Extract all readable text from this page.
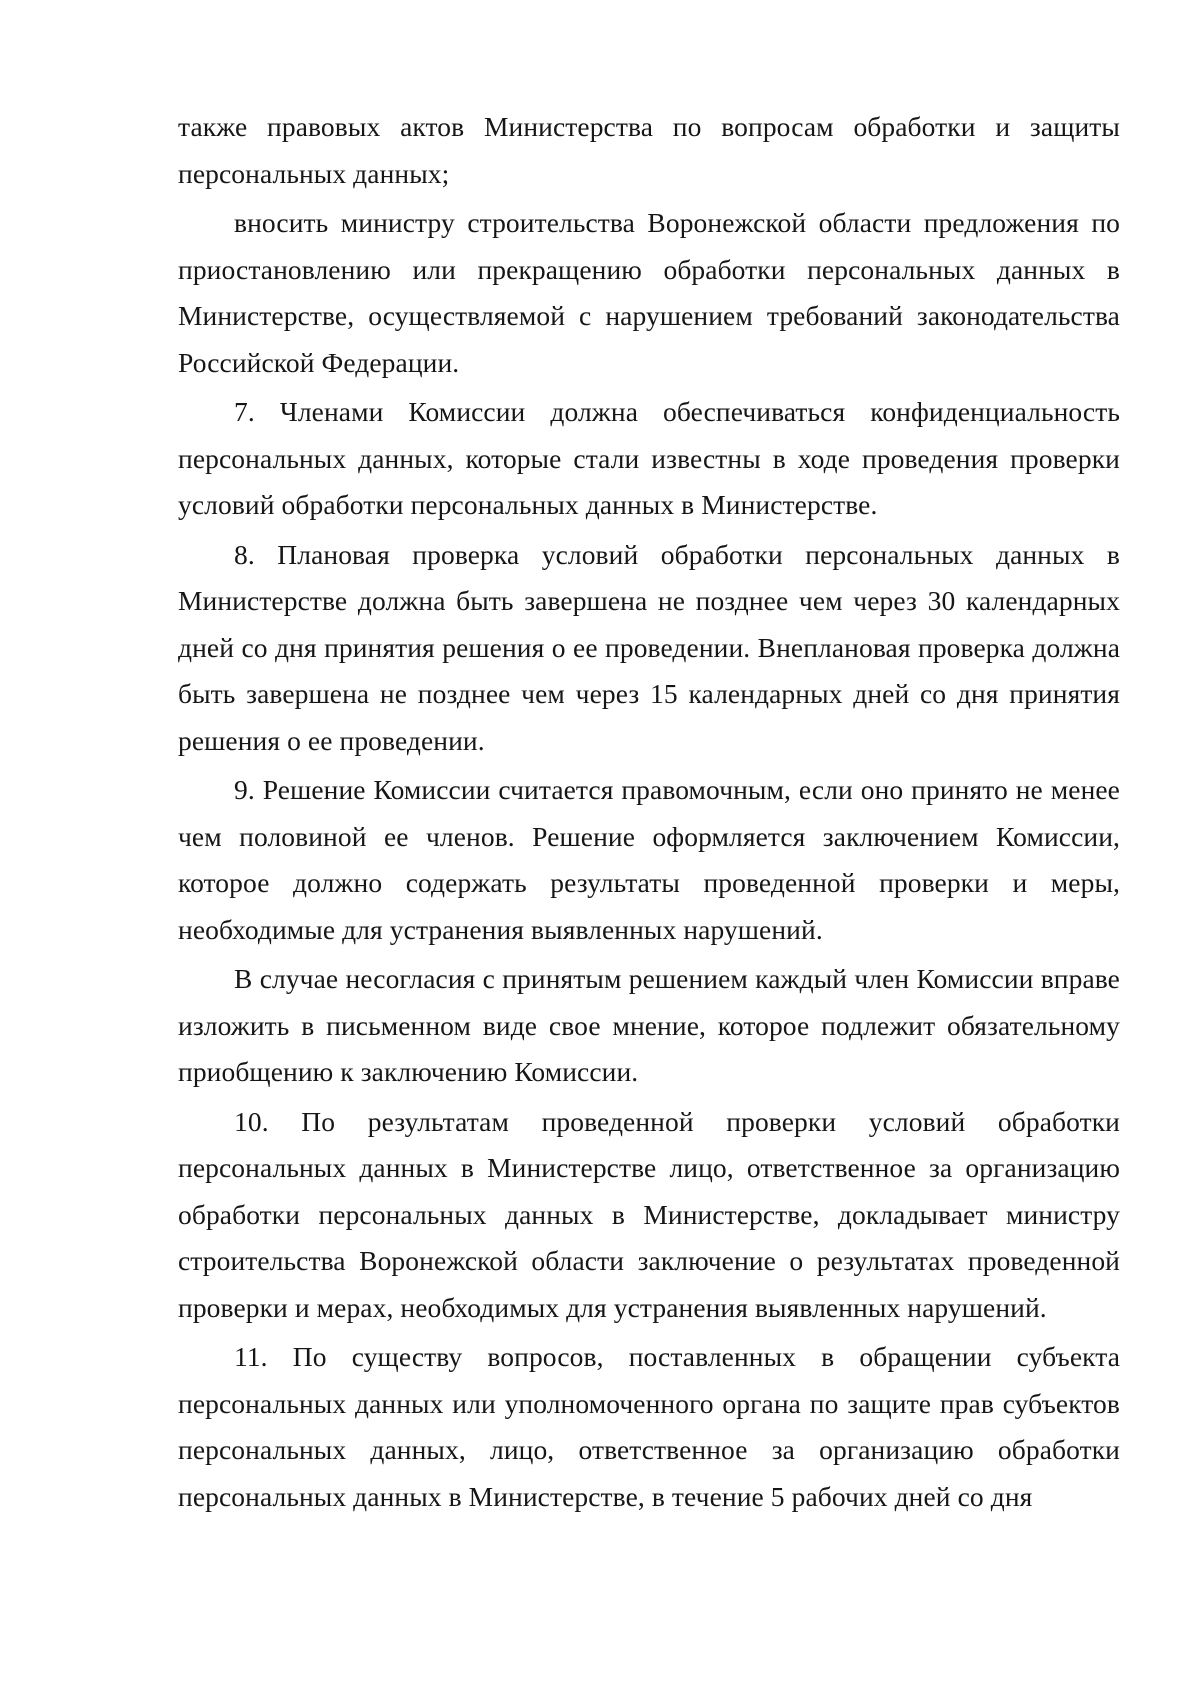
также правовых актов Министерства по вопросам обработки и защиты персональных данных;

вносить министру строительства Воронежской области предложения по приостановлению или прекращению обработки персональных данных в Министерстве, осуществляемой с нарушением требований законодательства Российской Федерации.

7. Членами Комиссии должна обеспечиваться конфиденциальность персональных данных, которые стали известны в ходе проведения проверки условий обработки персональных данных в Министерстве.

8. Плановая проверка условий обработки персональных данных в Министерстве должна быть завершена не позднее чем через 30 календарных дней со дня принятия решения о ее проведении. Внеплановая проверка должна быть завершена не позднее чем через 15 календарных дней со дня принятия решения о ее проведении.

9. Решение Комиссии считается правомочным, если оно принято не менее чем половиной ее членов. Решение оформляется заключением Комиссии, которое должно содержать результаты проведенной проверки и меры, необходимые для устранения выявленных нарушений.

В случае несогласия с принятым решением каждый член Комиссии вправе изложить в письменном виде свое мнение, которое подлежит обязательному приобщению к заключению Комиссии.

10. По результатам проведенной проверки условий обработки персональных данных в Министерстве лицо, ответственное за организацию обработки персональных данных в Министерстве, докладывает министру строительства Воронежской области заключение о результатах проведенной проверки и мерах, необходимых для устранения выявленных нарушений.

11. По существу вопросов, поставленных в обращении субъекта персональных данных или уполномоченного органа по защите прав субъектов персональных данных, лицо, ответственное за организацию обработки персональных данных в Министерстве, в течение 5 рабочих дней со дня
